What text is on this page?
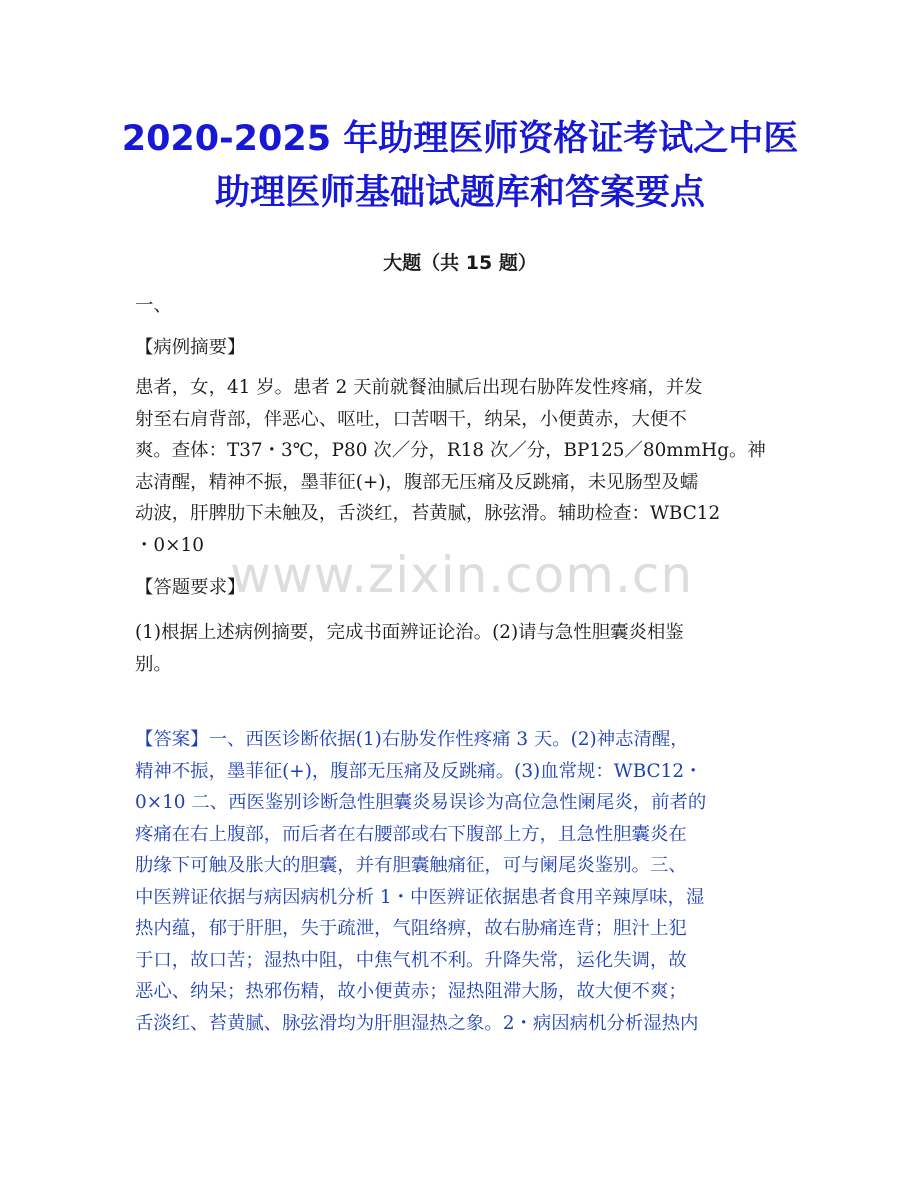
2020-2025 年助理医师资格证考试之中医
助理医师基础试题库和答案要点
大题（共 15 题）
一、
【病例摘要】
患者，女，41 岁。患者 2 天前就餐油腻后出现右胁阵发性疼痛，并发
射至右肩背部，伴恶心、呕吐，口苦咽干，纳呆，小便黄赤，大便不
爽。查体：T37・3℃，P80 次／分，R18 次／分，BP125／80mmHg。神
志清醒，精神不振，墨菲征(+)，腹部无压痛及反跳痛，未见肠型及蠕
动波，肝脾肋下未触及，舌淡红，苔黄腻，脉弦滑。辅助检查：WBC12
・0×10
【答题要求】
(1)根据上述病例摘要，完成书面辨证论治。(2)请与急性胆囊炎相鉴
别。
【答案】一、西医诊断依据(1)右胁发作性疼痛 3 天。(2)神志清醒，
精神不振，墨菲征(+)，腹部无压痛及反跳痛。(3)血常规：WBC12・
0×10 二、西医鉴别诊断急性胆囊炎易误诊为高位急性阑尾炎，前者的
疼痛在右上腹部，而后者在右腰部或右下腹部上方，且急性胆囊炎在
肋缘下可触及胀大的胆囊，并有胆囊触痛征，可与阑尾炎鉴别。三、
中医辨证依据与病因病机分析 1・中医辨证依据患者食用辛辣厚味，湿
热内蕴，郁于肝胆，失于疏泄，气阻络痹，故右胁痛连背；胆汁上犯
于口，故口苦；湿热中阻，中焦气机不利。升降失常，运化失调，故
恶心、纳呆；热邪伤精，故小便黄赤；湿热阻滞大肠，故大便不爽；
舌淡红、苔黄腻、脉弦滑均为肝胆湿热之象。2・病因病机分析湿热内
www.zixin.com.cn
